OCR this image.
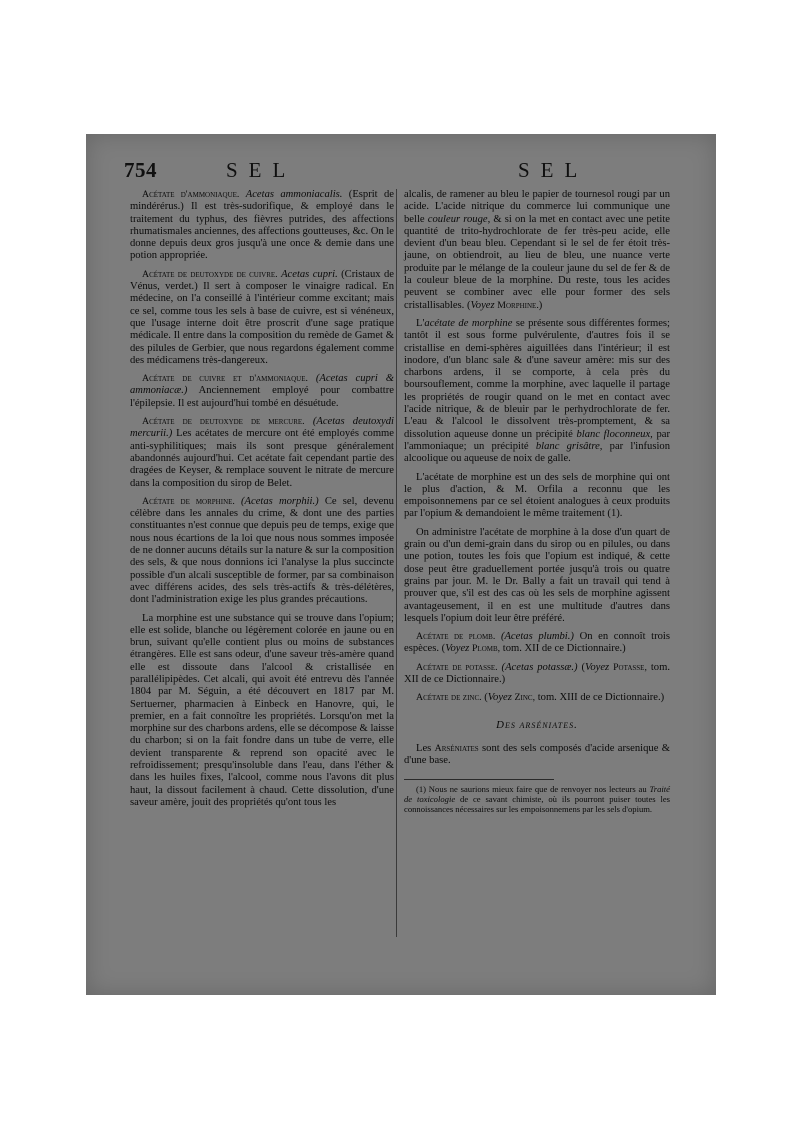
754	SEL	SEL

Acétate d'ammoniaque. Acetas ammoniacalis. (Esprit de mindérérus.) Il est très-sudorifique, & employé dans le traitement du typhus, des fièvres putrides, des affections rhumatismales anciennes, des affections goutteuses, &c. On le donne depuis deux gros jusqu'à une once & demie dans une potion appropriée.

Acétate de deutoxyde de cuivre. Acetas cupri. (Cristaux de Vénus, verdet.) Il sert à composer le vinaigre radical. En médecine, on l'a conseillé à l'intérieur comme excitant; mais ce sel, comme tous les sels à base de cuivre, est si vénéneux, que l'usage interne doit être proscrit d'une sage pratique médicale. Il entre dans la composition du remède de Gamet & des pilules de Gerbier, que nous regardons également comme des médicamens très-dangereux.

Acétate de cuivre et d'ammoniaque. (Acetas cupri & ammoniacæ.) Anciennement employé pour combattre l'épilepsie. Il est aujourd'hui tombé en désuétude.

Acétate de deutoxyde de mercure. (Acetas deutoxydi mercurii.) Les acétates de mercure ont été employés comme anti-syphilitiques; mais ils sont presque généralement abandonnés aujourd'hui. Cet acétate fait cependant partie des dragées de Keyser, & remplace souvent le nitrate de mercure dans la composition du sirop de Belet.

Acétate de morphine. (Acetas morphii.) Ce sel, devenu célèbre dans les annales du crime, & dont une des parties constituantes n'est connue que depuis peu de temps, exige que nous nous écartions de la loi que nous nous sommes imposée de ne donner aucuns détails sur la nature & sur la composition des sels, & que nous donnions ici l'analyse la plus succincte possible d'un alcali susceptible de former, par sa combinaison avec différens acides, des sels très-actifs & très-délétères, dont l'administration exige les plus grandes précautions.

La morphine est une substance qui se trouve dans l'opium; elle est solide, blanche ou légèrement colorée en jaune ou en brun, suivant qu'elle contient plus ou moins de substances étrangères. Elle est sans odeur, d'une saveur très-amère quand elle est dissoute dans l'alcool & cristallisée en parallélipipèdes. Cet alcali, qui avoit été entrevu dès l'année 1804 par M. Séguin, a été découvert en 1817 par M. Sertuerner, pharmacien à Einbeck en Hanovre, qui, le premier, en a fait connoître les propriétés. Lorsqu'on met la morphine sur des charbons ardens, elle se décompose & laisse du charbon; si on la fait fondre dans un tube de verre, elle devient transparente & reprend son opacité avec le refroidissement; presqu'insoluble dans l'eau, dans l'éther & dans les huiles fixes, l'alcool, comme nous l'avons dit plus haut, la dissout facilement à chaud. Cette dissolution, d'une saveur amère, jouit des propriétés qu'ont tous les

alcalis, de ramener au bleu le papier de tournesol rougi par un acide. L'acide nitrique du commerce lui communique une belle couleur rouge, & si on la met en contact avec une petite quantité de trito-hydrochlorate de fer très-peu acide, elle devient d'un beau bleu. Cependant si le sel de fer étoit très-jaune, on obtiendroit, au lieu de bleu, une nuance verte produite par le mélange de la couleur jaune du sel de fer & de la couleur bleue de la morphine. Du reste, tous les acides peuvent se combiner avec elle pour former des sels cristallisables. (Voyez Morphine.)

L'acétate de morphine se présente sous différentes formes; tantôt il est sous forme pulvérulente, d'autres fois il se cristallise en demi-sphères aiguillées dans l'intérieur; il est inodore, d'un blanc sale & d'une saveur amère: mis sur des charbons ardens, il se comporte, à cela près du boursouflement, comme la morphine, avec laquelle il partage les propriétés de rougir quand on le met en contact avec l'acide nitrique, & de bleuir par le perhydrochlorate de fer. L'eau & l'alcool le dissolvent très-promptement, & sa dissolution aqueuse donne un précipité blanc floconneux, par l'ammoniaque; un précipité blanc grisâtre, par l'infusion alcoolique ou aqueuse de noix de galle.

L'acétate de morphine est un des sels de morphine qui ont le plus d'action, & M. Orfila a reconnu que les empoisonnemens par ce sel étoient analogues à ceux produits par l'opium & demandoient le même traitement (1).

On administre l'acétate de morphine à la dose d'un quart de grain ou d'un demi-grain dans du sirop ou en pilules, ou dans une potion, toutes les fois que l'opium est indiqué, & cette dose peut être graduellement portée jusqu'à trois ou quatre grains par jour. M. le Dr. Bally a fait un travail qui tend à prouver que, s'il est des cas où les sels de morphine agissent avantageusement, il en est une multitude d'autres dans lesquels l'opium doit leur être préféré.

Acétate de plomb. (Acetas plumbi.) On en connoît trois espèces. (Voyez Plomb, tom. XII de ce Dictionnaire.)

Acétate de potasse. (Acetas potassæ.) (Voyez Potasse, tom. XII de ce Dictionnaire.)

Acétate de zinc. (Voyez Zinc, tom. XIII de ce Dictionnaire.)

Des arséniates.

Les Arséniates sont des sels composés d'acide arsenique & d'une base.

(1) Nous ne saurions mieux faire que de renvoyer nos lecteurs au Traité de toxicologie de ce savant chimiste, où ils pourront puiser toutes les connoissances nécessaires sur les empoisonnemens par les sels d'opium.
